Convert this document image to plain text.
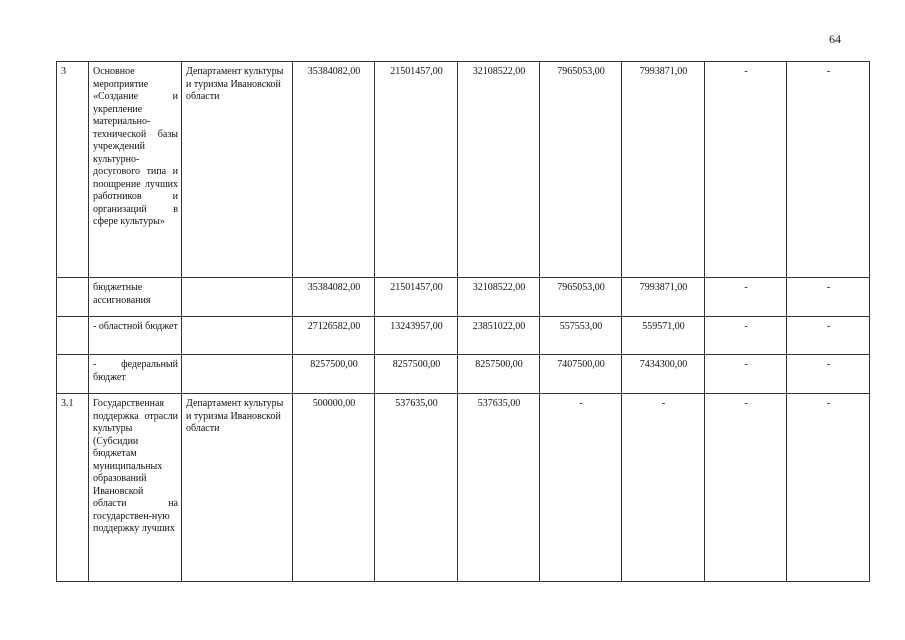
64
3	Основное мероприятие «Создание и укрепление материально-технической базы учреждений культурно-досугового типа и поощрение лучших работников и организаций в сфере культуры»	Департамент культуры и туризма Ивановской области	35384082,00	21501457,00	32108522,00	7965053,00	7993871,00	-	-

	бюджетные ассигнования		35384082,00	21501457,00	32108522,00	7965053,00	7993871,00	-	-

	- областной бюджет		27126582,00	13243957,00	23851022,00	557553,00	559571,00	-	-

	- федеральный бюджет		8257500,00	8257500,00	8257500,00	7407500,00	7434300,00	-	-

3.1	Государственная поддержка отрасли культуры (Субсидии бюджетам муниципальных образований Ивановской области на государствен-ную поддержку лучших	Департамент культуры и туризма Ивановской области	500000,00	537635,00	537635,00	-	-	-	-
